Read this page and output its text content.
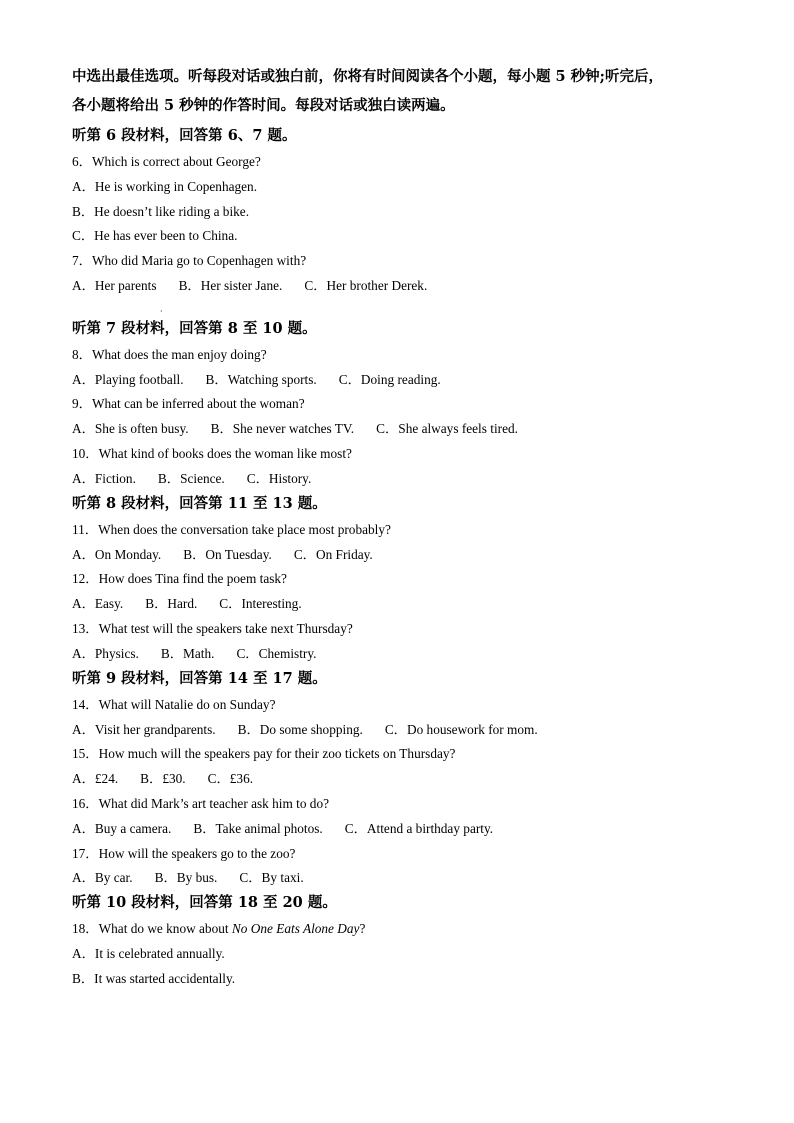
中选出最佳选项。听每段对话或独白前，你将有时间阅读各个小题，每小题 5 秒钟;听完后，

各小题将给出 5 秒钟的作答时间。每段对话或独白读两遍。

听第 6 段材料，回答第 6、7 题。

6．Which is correct about George?

A．He is working in Copenhagen.

B．He doesn’t like riding a bike.

C．He has ever been to China.

7．Who did Maria go to Copenhagen with?

A．Her parents B．Her sister Jane. C．Her brother Derek.

听第 7 段材料，回答第 8 至 10 题。

8．What does the man enjoy doing?

A．Playing football. B．Watching sports. C．Doing reading.

9．What can be inferred about the woman?

A．She is often busy. B．She never watches TV. C．She always feels tired.

10．What kind of books does the woman like most?

A．Fiction. B．Science. C．History.

听第 8 段材料，回答第 11 至 13 题。

11．When does the conversation take place most probably?

A．On Monday. B．On Tuesday. C．On Friday.

12．How does Tina find the poem task?

A．Easy. B．Hard. C．Interesting.

13．What test will the speakers take next Thursday?

A．Physics. B．Math. C．Chemistry.

听第 9 段材料，回答第 14 至 17 题。

14．What will Natalie do on Sunday?

A．Visit her grandparents. B．Do some shopping. C．Do housework for mom.

15．How much will the speakers pay for their zoo tickets on Thursday?

A．£24. B．£30. C．£36.

16．What did Mark’s art teacher ask him to do?

A．Buy a camera. B．Take animal photos. C．Attend a birthday party.

17．How will the speakers go to the zoo?

A．By car. B．By bus. C．By taxi.

听第 10 段材料，回答第 18 至 20 题。

18．What do we know about No One Eats Alone Day?

A．It is celebrated annually.

B．It was started accidentally.

·
